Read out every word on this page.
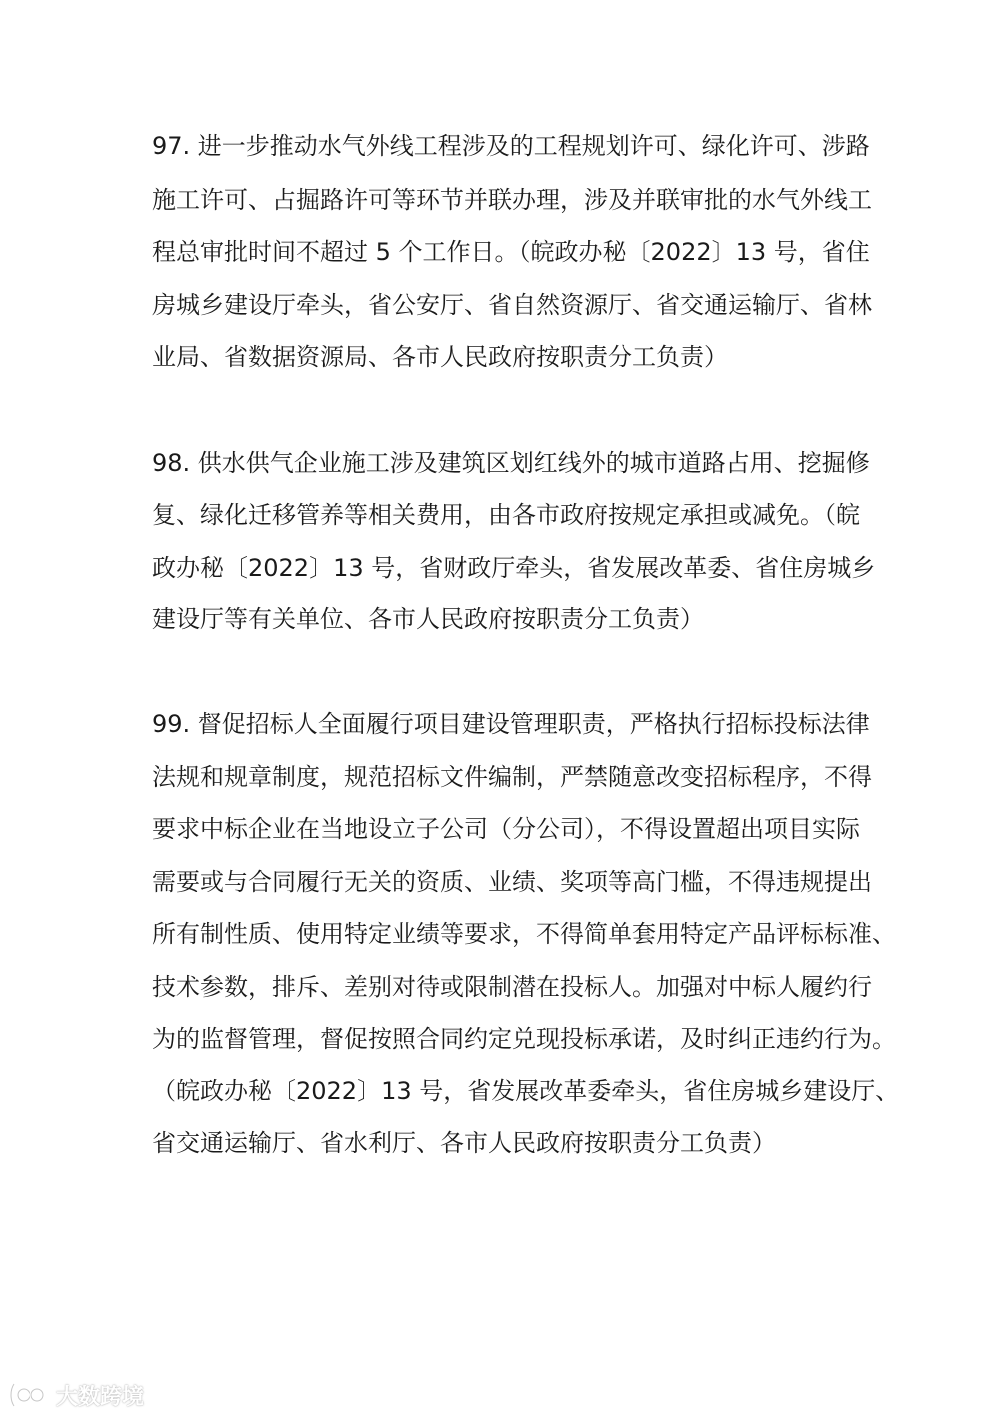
97. 进一步推动水气外线工程涉及的工程规划许可、绿化许可、涉路
施工许可、占掘路许可等环节并联办理，涉及并联审批的水气外线工
程总审批时间不超过 5 个工作日。（皖政办秘〔2022〕13 号，省住
房城乡建设厅牵头，省公安厅、省自然资源厅、省交通运输厅、省林
业局、省数据资源局、各市人民政府按职责分工负责）
98. 供水供气企业施工涉及建筑区划红线外的城市道路占用、挖掘修
复、绿化迁移管养等相关费用，由各市政府按规定承担或减免。（皖
政办秘〔2022〕13 号，省财政厅牵头，省发展改革委、省住房城乡
建设厅等有关单位、各市人民政府按职责分工负责）
99. 督促招标人全面履行项目建设管理职责，严格执行招标投标法律
法规和规章制度，规范招标文件编制，严禁随意改变招标程序，不得
要求中标企业在当地设立子公司（分公司），不得设置超出项目实际
需要或与合同履行无关的资质、业绩、奖项等高门槛，不得违规提出
所有制性质、使用特定业绩等要求，不得简单套用特定产品评标标准、
技术参数，排斥、差别对待或限制潜在投标人。加强对中标人履约行
为的监督管理，督促按照合同约定兑现投标承诺，及时纠正违约行为。
（皖政办秘〔2022〕13 号，省发展改革委牵头，省住房城乡建设厅、
省交通运输厅、省水利厅、各市人民政府按职责分工负责）
大数跨境
